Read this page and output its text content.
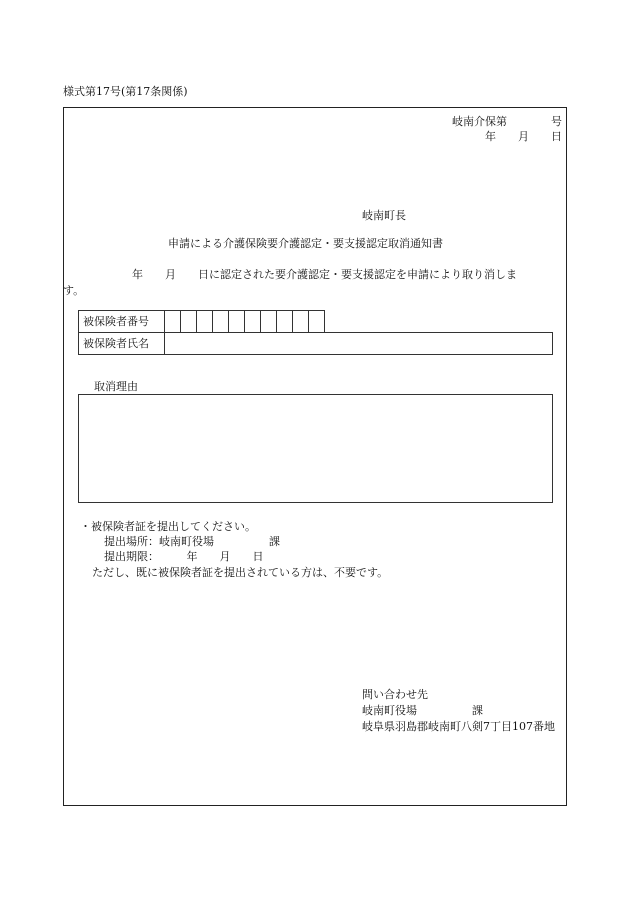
様式第17号(第17条関係)
岐南介保第　　　　号
年　　月　　日
岐南町長
申請による介護保険要介護認定・要支援認定取消通知書
年　　月　　日に認定された要介護認定・要支援認定を申請により取り消しま
す。
被保険者番号										
被保険者氏名	
取消理由
・被保険者証を提出してください。
提出場所：岐南町役場　　　　　課
提出期限：　　　年　　月　　日
ただし、既に被保険者証を提出されている方は、不要です。
問い合わせ先
岐南町役場　　　　　課
岐阜県羽島郡岐南町八剣7丁目107番地
